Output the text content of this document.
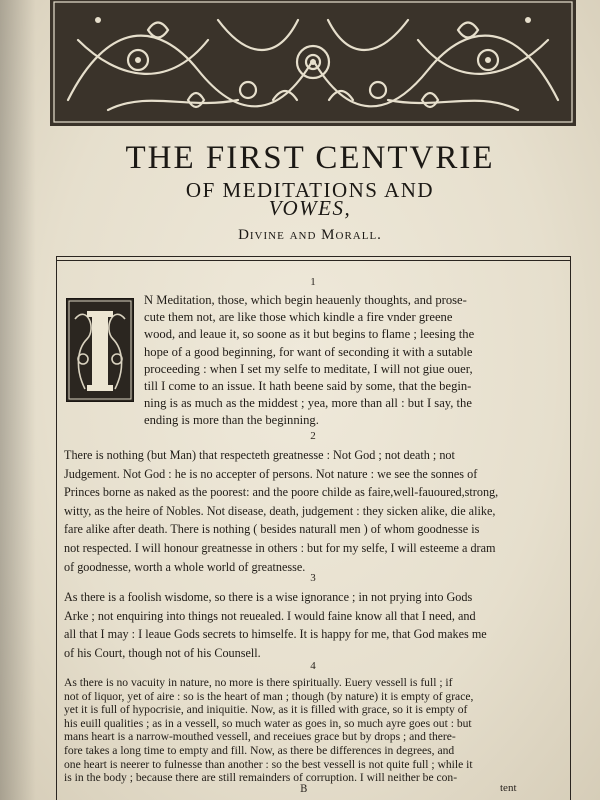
THE FIRST CENTVRIE
OF MEDITATIONS AND
VOWES,
Divine and Morall.
1
N Meditation, those, which begin heauenly thoughts, and prose-
cute them not, are like those which kindle a fire vnder greene
wood, and leaue it, so soone as it but begins to flame ; leesing the
hope of a good beginning, for want of seconding it with a sutable
proceeding : when I set my selfe to meditate, I will not giue ouer,
till I come to an issue. It hath beene said by some, that the begin-
ning is as much as the middest ; yea, more than all : but I say, the
ending is more than the beginning.
2
There is nothing (but Man) that respecteth greatnesse : Not God ; not death ; not
Judgement. Not God : he is no accepter of persons. Not nature : we see the sonnes of
Princes borne as naked as the poorest: and the poore childe as faire,well-fauoured,strong,
witty, as the heire of Nobles. Not disease, death, judgement : they sicken alike, die alike,
fare alike after death. There is nothing ( besides naturall men ) of whom goodnesse is
not respected. I will honour greatnesse in others : but for my selfe, I will esteeme a dram
of goodnesse, worth a whole world of greatnesse.
3
As there is a foolish wisdome, so there is a wise ignorance ; in not prying into Gods
Arke ; not enquiring into things not reuealed. I would faine know all that I need, and
all that I may : I leaue Gods secrets to himselfe. It is happy for me, that God makes me
of his Court, though not of his Counsell.
4
As there is no vacuity in nature, no more is there spiritually. Euery vessell is full ; if
not of liquor, yet of aire : so is the heart of man ; though (by nature) it is empty of grace,
yet it is full of hypocrisie, and iniquitie. Now, as it is filled with grace, so it is empty of
his euill qualities ; as in a vessell, so much water as goes in, so much ayre goes out : but
mans heart is a narrow-mouthed vessell, and receiues grace but by drops ; and there-
fore takes a long time to empty and fill. Now, as there be differences in degrees, and
one heart is neerer to fulnesse than another : so the best vessell is not quite full ; while it
is in the body ; because there are still remainders of corruption. I will neither be con-
B	tent
